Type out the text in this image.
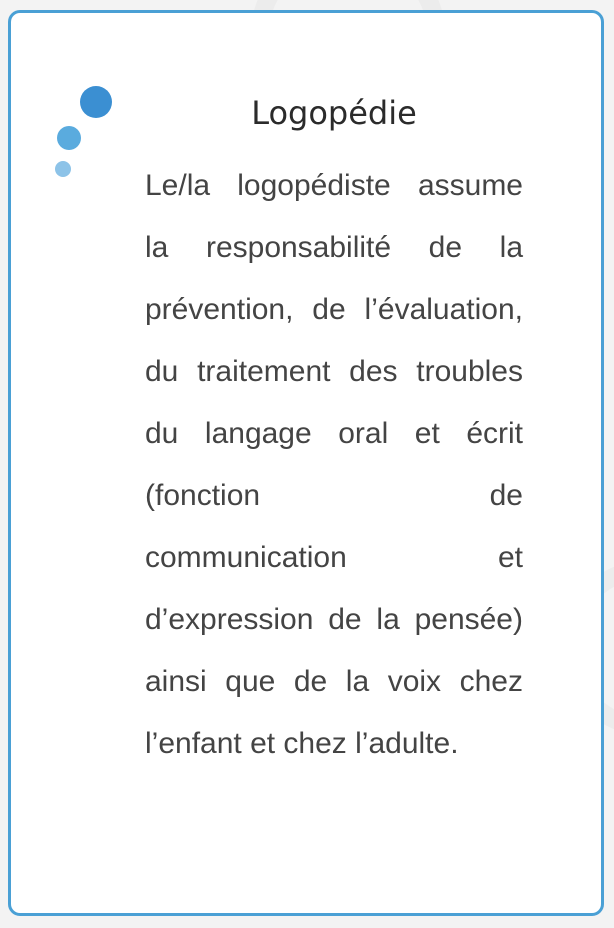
Logopédie
Le/la logopédiste assume
la responsabilité de la
prévention, de l’évaluation,
du traitement des troubles
du langage oral et écrit
(fonction de
communication et
d’expression de la pensée)
ainsi que de la voix chez
l’enfant et chez l’adulte.
